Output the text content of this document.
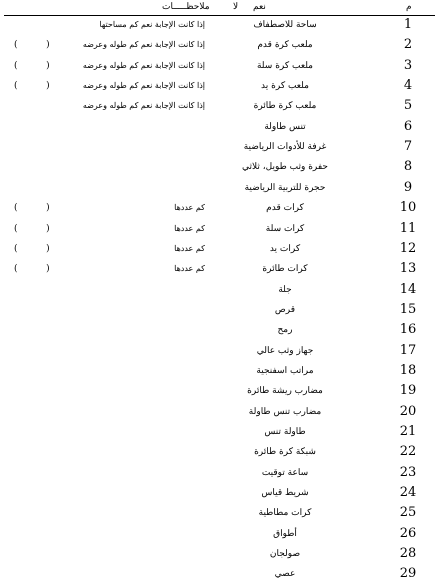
م
نعم
لا
ملاحظـــــات
1
ساحة للاصطفاف
إذا كانت الإجابة نعم كم مساحتها
2
ملعب كرة قدم
إذا كانت الإجابة نعم كم طوله وعرضه
(          )
3
ملعب كرة سلة
إذا كانت الإجابة نعم كم طوله وعرضه
(          )
4
ملعب كرة يد
إذا كانت الإجابة نعم كم طوله وعرضه
(          )
5
ملعب كرة طائرة
إذا كانت الإجابة نعم كم طوله وعرضه
6
تنس طاولة
7
غرفة للأدوات الرياضية
8
حفرة وثب طويل، ثلاثي
9
حجرة للتربية الرياضية
10
كرات قدم
كم عددها
(          )
11
كرات سلة
كم عددها
(          )
12
كرات يد
كم عددها
(          )
13
كرات طائرة
كم عددها
(          )
14
جلة
15
قرص
16
رمح
17
جهاز وثب عالي
18
مراتب اسفنجية
19
مضارب ريشة طائرة
20
مضارب تنس طاولة
21
طاولة تنس
22
شبكة كرة طائرة
23
ساعة توقيت
24
شريط قياس
25
كرات مطاطية
26
أطواق
28
صولجان
29
عصي
